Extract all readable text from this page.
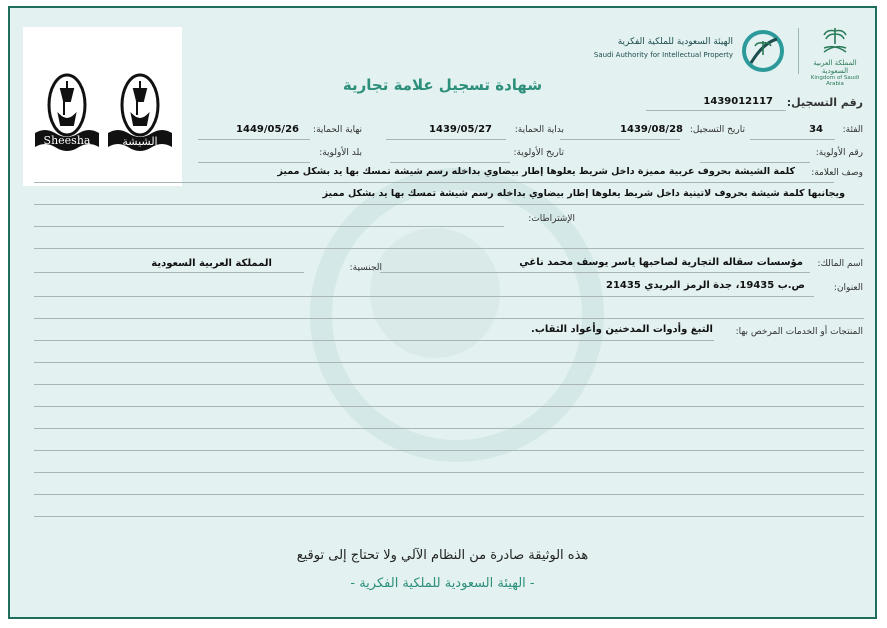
Sheesha	الشيشة
المملكة العربية السعودية
Kingdom of Saudi Arabia
الهيئة السعودية للملكية الفكرية
Saudi Authority for Intellectual Property
شهادة تسجيل علامة تجارية
رقم التسجيل:
1439012117
الفئة:
34
تاريخ التسجيل:
1439/08/28
بداية الحماية:
1439/05/27
نهاية الحماية:
1449/05/26
رقم الأولوية:
تاريخ الأولوية:
بلد الأولوية:
وصف العلامة:
كلمة الشيشة بحروف عربية مميزة داخل شريط يعلوها إطار بيضاوي بداخله رسم شيشة تمسك بها يد بشكل مميز
ويجانبها كلمة شيشة بحروف لاتينية داخل شريط يعلوها إطار بيضاوي بداخله رسم شيشة تمسك بها يد بشكل مميز
الإشتراطات:
اسم المالك:
مؤسسات سقاله التجارية لصاحبها ياسر يوسف محمد ناغي
الجنسية:
المملكة العربية السعودية
العنوان:
ص.ب 19435، جدة الرمز البريدي 21435
المنتجات أو الخدمات المرخص بها:
التبغ وأدوات المدخنين وأعواد الثقاب.
هذه الوثيقة صادرة من النظام الآلي ولا تحتاج إلى توقيع
- الهيئة السعودية للملكية الفكرية -
